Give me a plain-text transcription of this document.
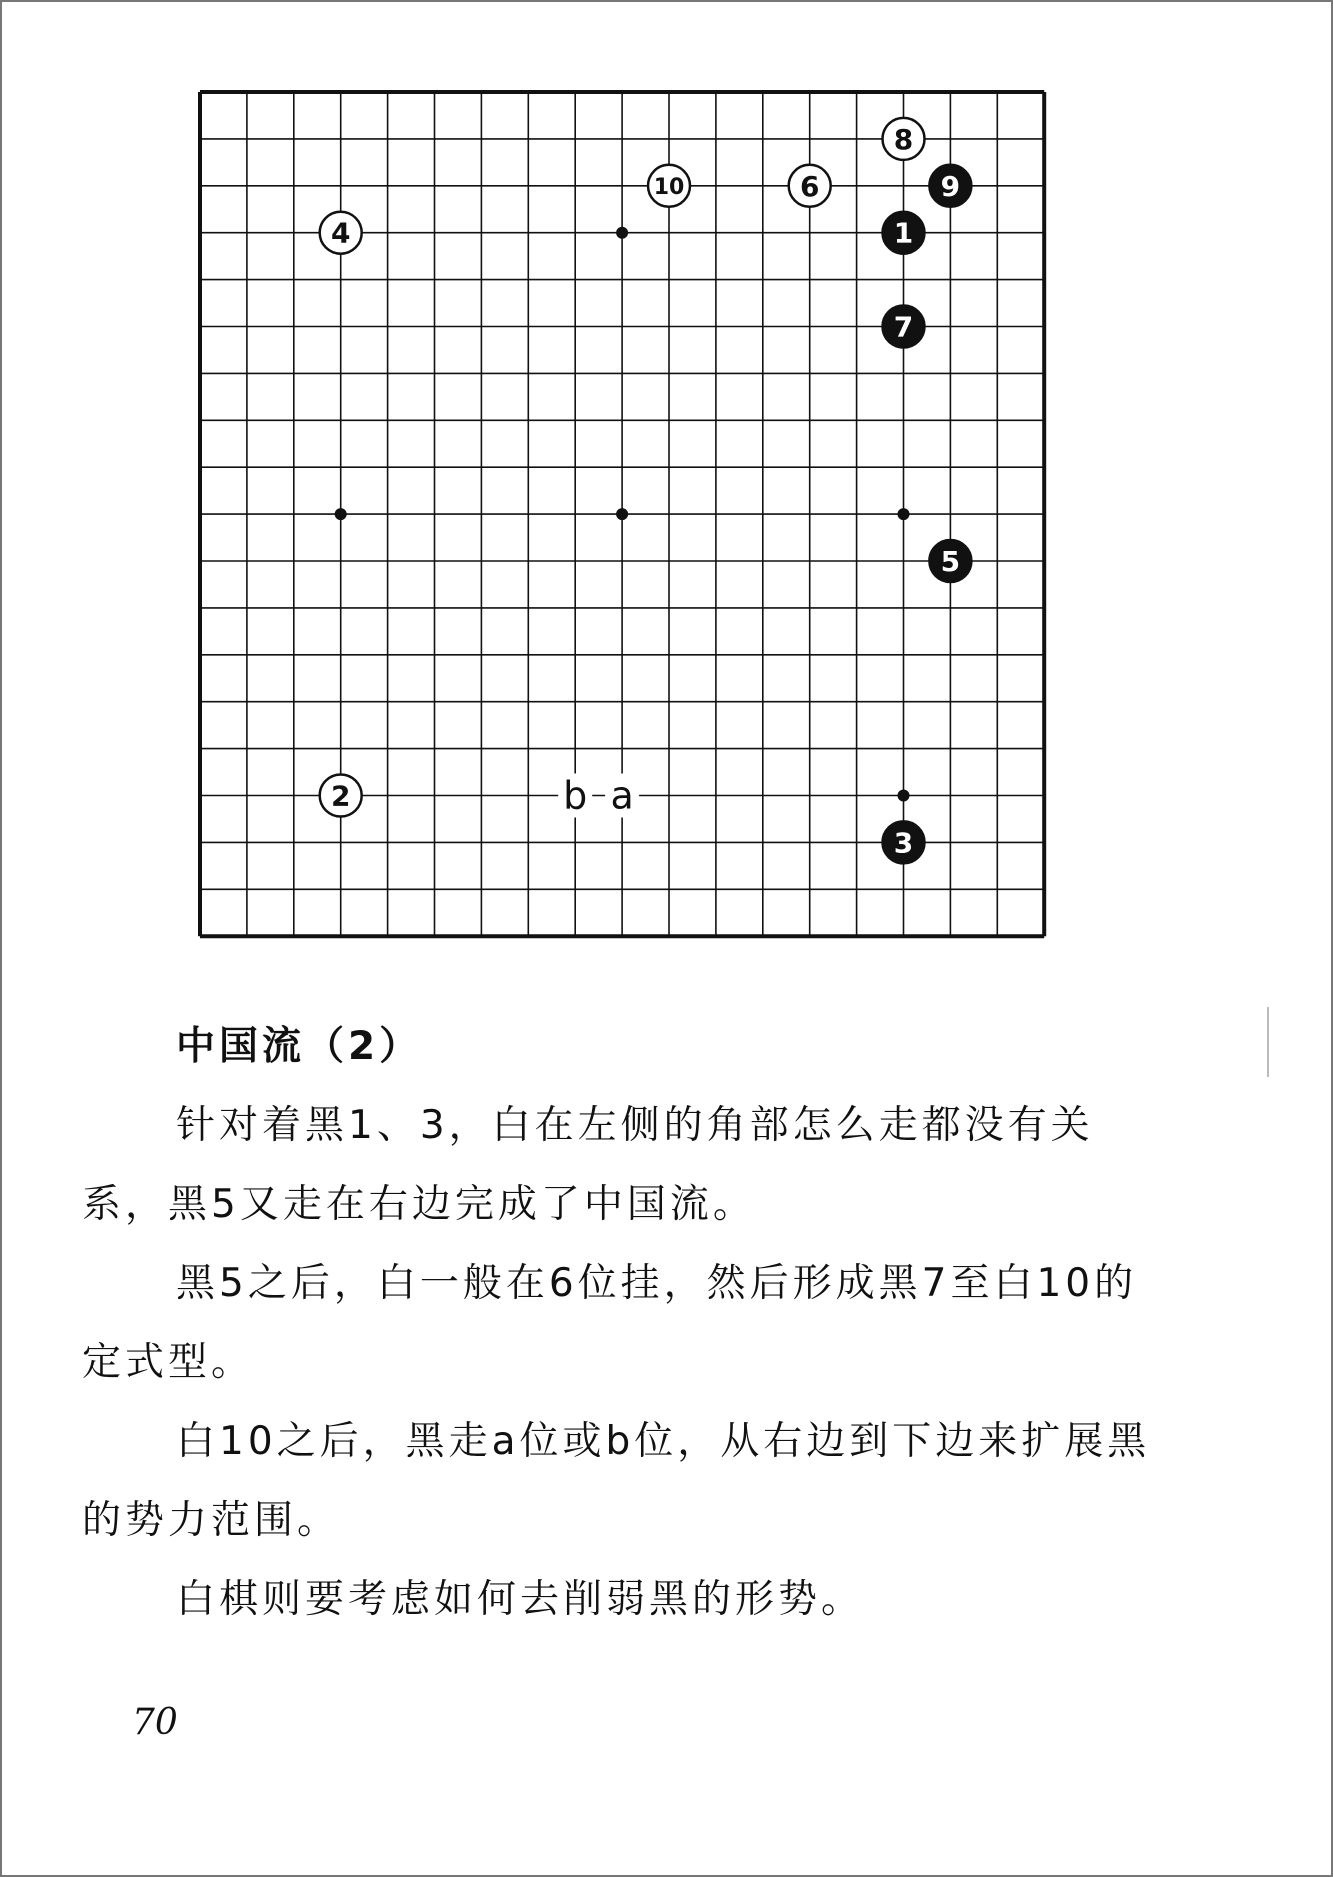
b a
1
2
3
4
5
6
7
8
9
10

中国流（2）

针对着黑1、3，白在左侧的角部怎么走都没有关系，黑5又走在右边完成了中国流。

黑5之后，白一般在6位挂，然后形成黑7至白10的定式型。

白10之后，黑走a位或b位，从右边到下边来扩展黑的势力范围。

白棋则要考虑如何去削弱黑的形势。

70
